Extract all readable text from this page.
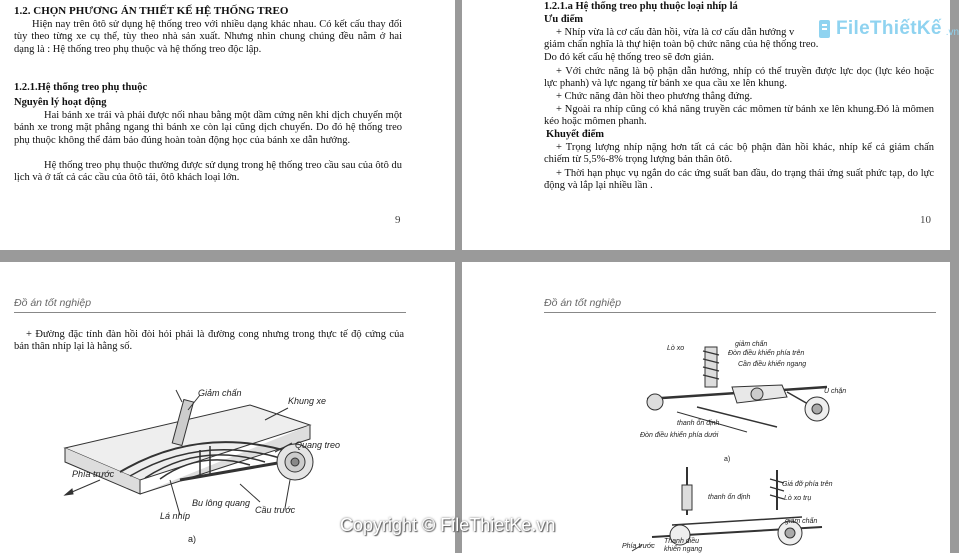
1.2. CHỌN PHƯƠNG ÁN THIẾT KẾ HỆ THỐNG TREO
Hiện nay trên ôtô sử dụng hệ thống treo với nhiều dạng khác nhau. Có kết cấu thay đổi tùy theo từng xe cụ thể, tùy theo nhà sản xuất. Nhưng nhìn chung chúng đều nằm ở hai dạng là : Hệ thống treo phụ thuộc và hệ thống treo độc lập.
1.2.1.Hệ thống treo phụ thuộc
Nguyên lý hoạt động
Hai bánh xe trái và phải được nối nhau bằng một dầm cứng nên khi dịch chuyển một bánh xe trong mặt phẳng ngang thì bánh xe còn lại cũng dịch chuyển. Do đó hệ thống treo phụ thuộc không thể đảm bảo đúng hoàn toàn động học của bánh xe dẫn hướng.
Hệ thống treo phụ thuộc thường được sử dụng trong hệ thống treo cầu sau của ôtô du lịch và ở tất cả các cầu của ôtô tải, ôtô khách loại lớn.
9
1.2.1.a Hệ thống treo phụ thuộc loại nhíp lá
Ưu điểm
+ Nhíp vừa là cơ cấu đàn hồi, vừa là cơ cấu dẫn hướng v
giảm chấn nghĩa là thự hiện toàn bộ chức năng của hệ thống treo.
Do đó kết cấu hệ thống treo sẽ đơn giản.
+ Với chức năng là bộ phận dẫn hướng, nhíp có thể truyền được lực dọc (lực kéo hoặc lực phanh) và lực ngang từ bánh xe qua cầu xe lên khung.
+ Chức năng đàn hồi theo phương thẳng đứng.
+ Ngoài ra nhíp cũng có khả năng truyền các mômen từ bánh xe lên khung.Đó là mômen kéo hoặc mômen phanh.
Khuyết điểm
+ Trọng lượng nhíp nặng hơn tất cả các bộ phận đàn hồi khác, nhíp kể cả giảm chấn chiếm từ 5,5%-8% trọng lượng bản thân ôtô.
+ Thời hạn phục vụ ngắn do các ứng suất ban đầu, do trạng thái ứng suất phức tạp, do lực động và lắp lại nhiều lần .
10
Đồ án tốt nghiệp
+ Đường đặc tính đàn hồi đòi hỏi phải là đường cong nhưng trong thực tế độ cứng của bản thân nhíp lại là hằng số.
Giảm chấn
Khung xe
Quang treo
Phía trước
Bu lông quang
Cầu trước
Lá nhíp
a)
Đồ án tốt nghiệp
giảm chấn
Lò xo
Đòn điều khiển phía trên
Cần điều khiển ngang
U chặn
thanh ổn định
Đòn điều khiển phía dưới
a)
Giá đỡ phía trên
thanh ổn định	Lò xo trụ
giảm chấn
Thanh điều
khiển ngang
Phía trước
FileThiếtKế .vn
Copyright © FileThietKe.vn
